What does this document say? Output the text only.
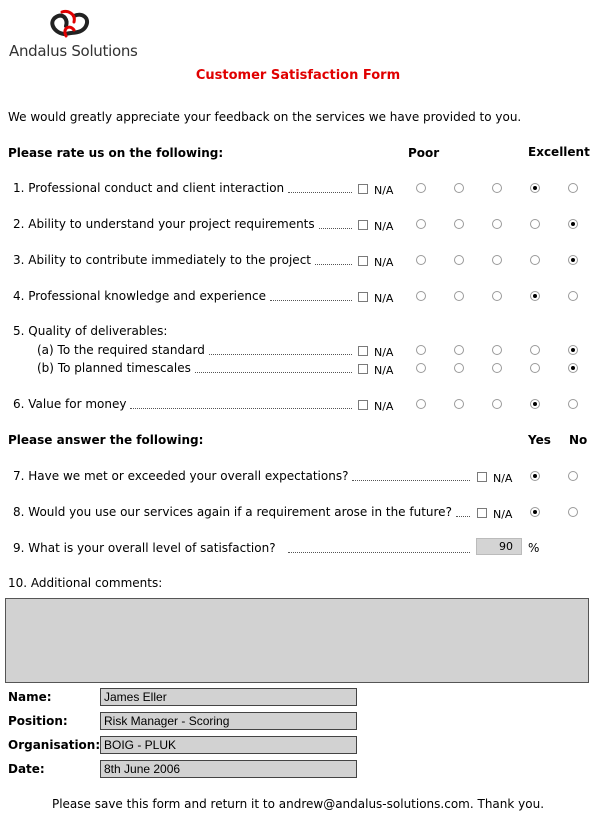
Andalus Solutions
Customer Satisfaction Form
We would greatly appreciate your feedback on the services we have provided to you.
Please rate us on the following:	Poor	Excellent
1. Professional conduct and client interaction	N/A
2. Ability to understand your project requirements	N/A
3. Ability to contribute immediately to the project	N/A
4. Professional knowledge and experience	N/A
5. Quality of deliverables:
(a) To the required standard	N/A
(b) To planned timescales	N/A
6. Value for money	N/A
Please answer the following:	Yes No
7. Have we met or exceeded your overall expectations?	N/A
8. Would you use our services again if a requirement arose in the future?	N/A
9. What is your overall level of satisfaction?	90	%
10. Additional comments:
Name:	James Eller
Position:	Risk Manager - Scoring
Organisation: BOIG - PLUK
Date:	8th June 2006
Please save this form and return it to andrew@andalus-solutions.com. Thank you.
